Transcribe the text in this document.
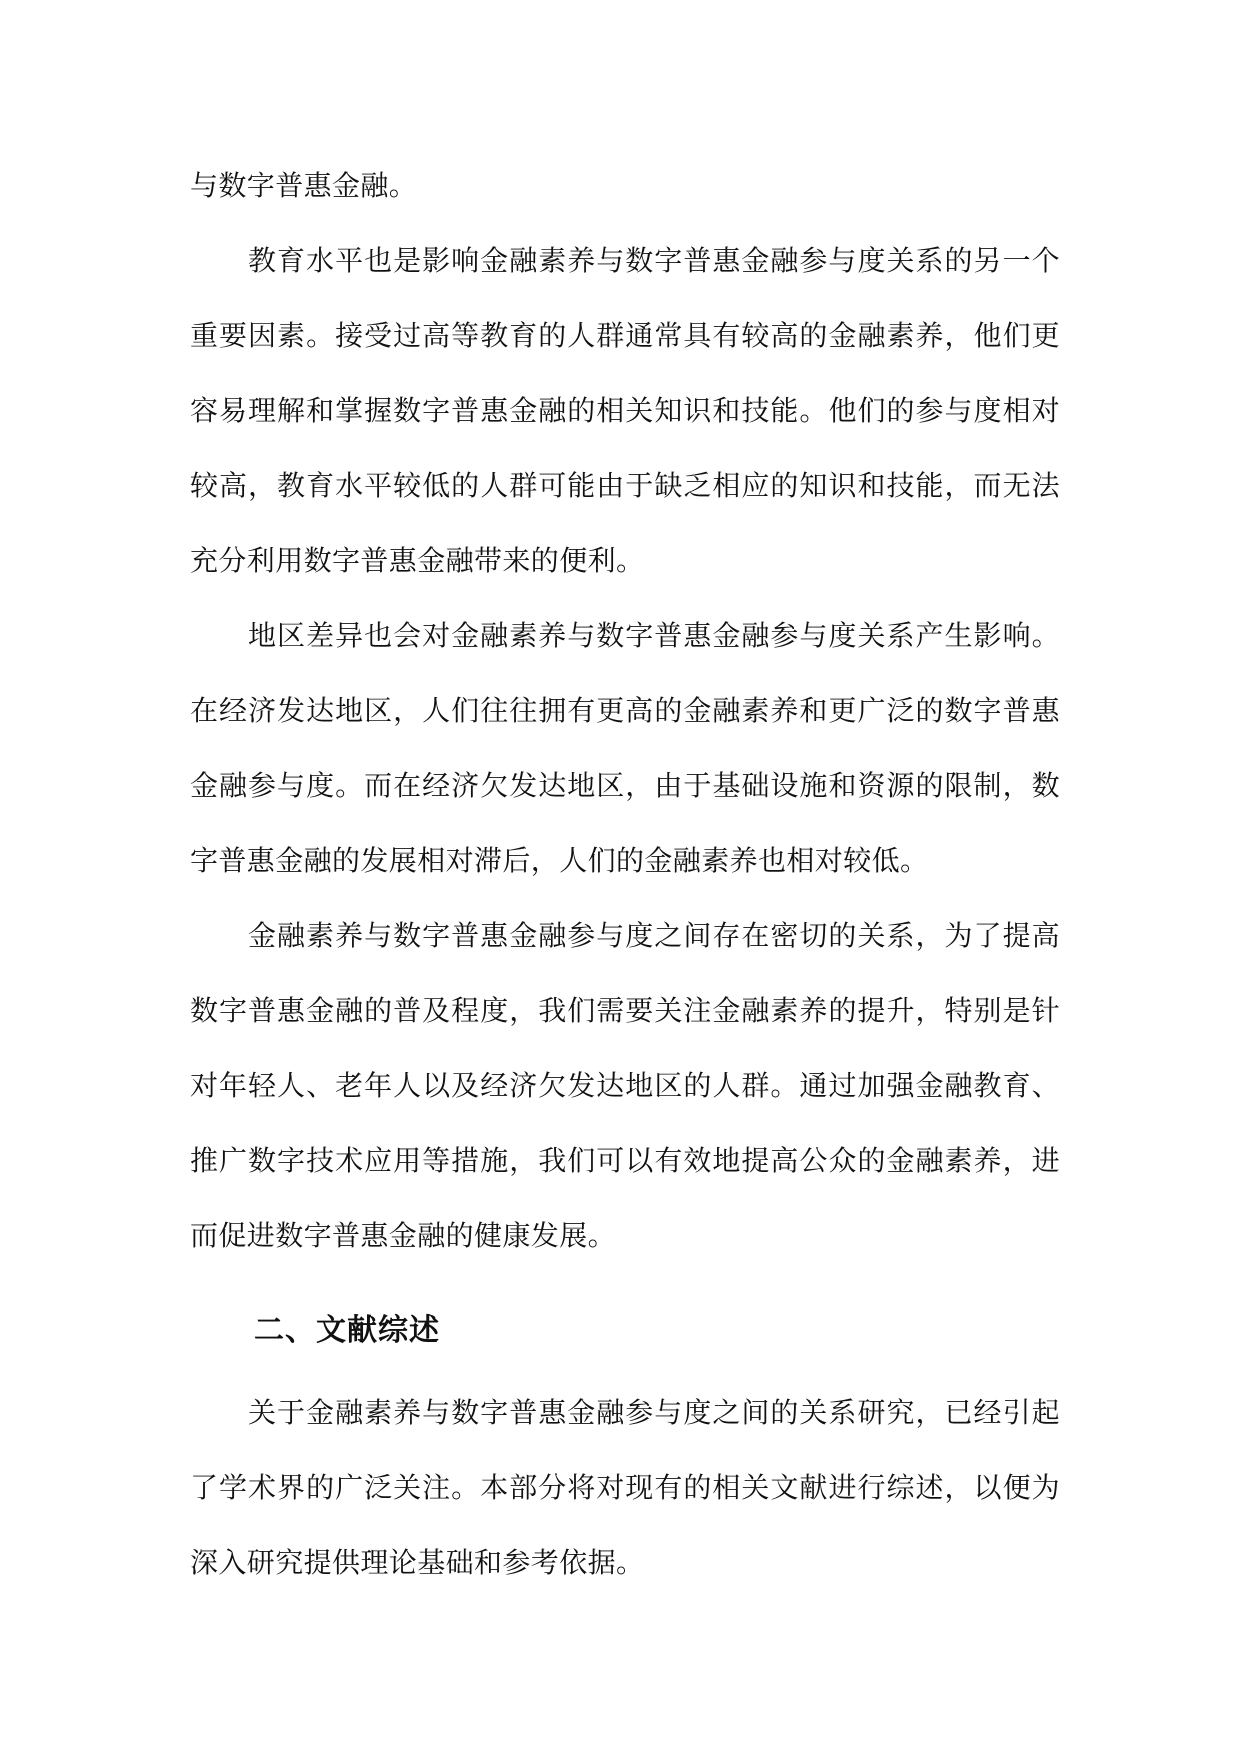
与数字普惠金融。

教育水平也是影响金融素养与数字普惠金融参与度关系的另一个重要因素。接受过高等教育的人群通常具有较高的金融素养，他们更容易理解和掌握数字普惠金融的相关知识和技能。他们的参与度相对较高，教育水平较低的人群可能由于缺乏相应的知识和技能，而无法充分利用数字普惠金融带来的便利。

地区差异也会对金融素养与数字普惠金融参与度关系产生影响。在经济发达地区，人们往往拥有更高的金融素养和更广泛的数字普惠金融参与度。而在经济欠发达地区，由于基础设施和资源的限制，数字普惠金融的发展相对滞后，人们的金融素养也相对较低。

金融素养与数字普惠金融参与度之间存在密切的关系，为了提高数字普惠金融的普及程度，我们需要关注金融素养的提升，特别是针对年轻人、老年人以及经济欠发达地区的人群。通过加强金融教育、推广数字技术应用等措施，我们可以有效地提高公众的金融素养，进而促进数字普惠金融的健康发展。

二、文献综述

关于金融素养与数字普惠金融参与度之间的关系研究，已经引起了学术界的广泛关注。本部分将对现有的相关文献进行综述，以便为深入研究提供理论基础和参考依据。
